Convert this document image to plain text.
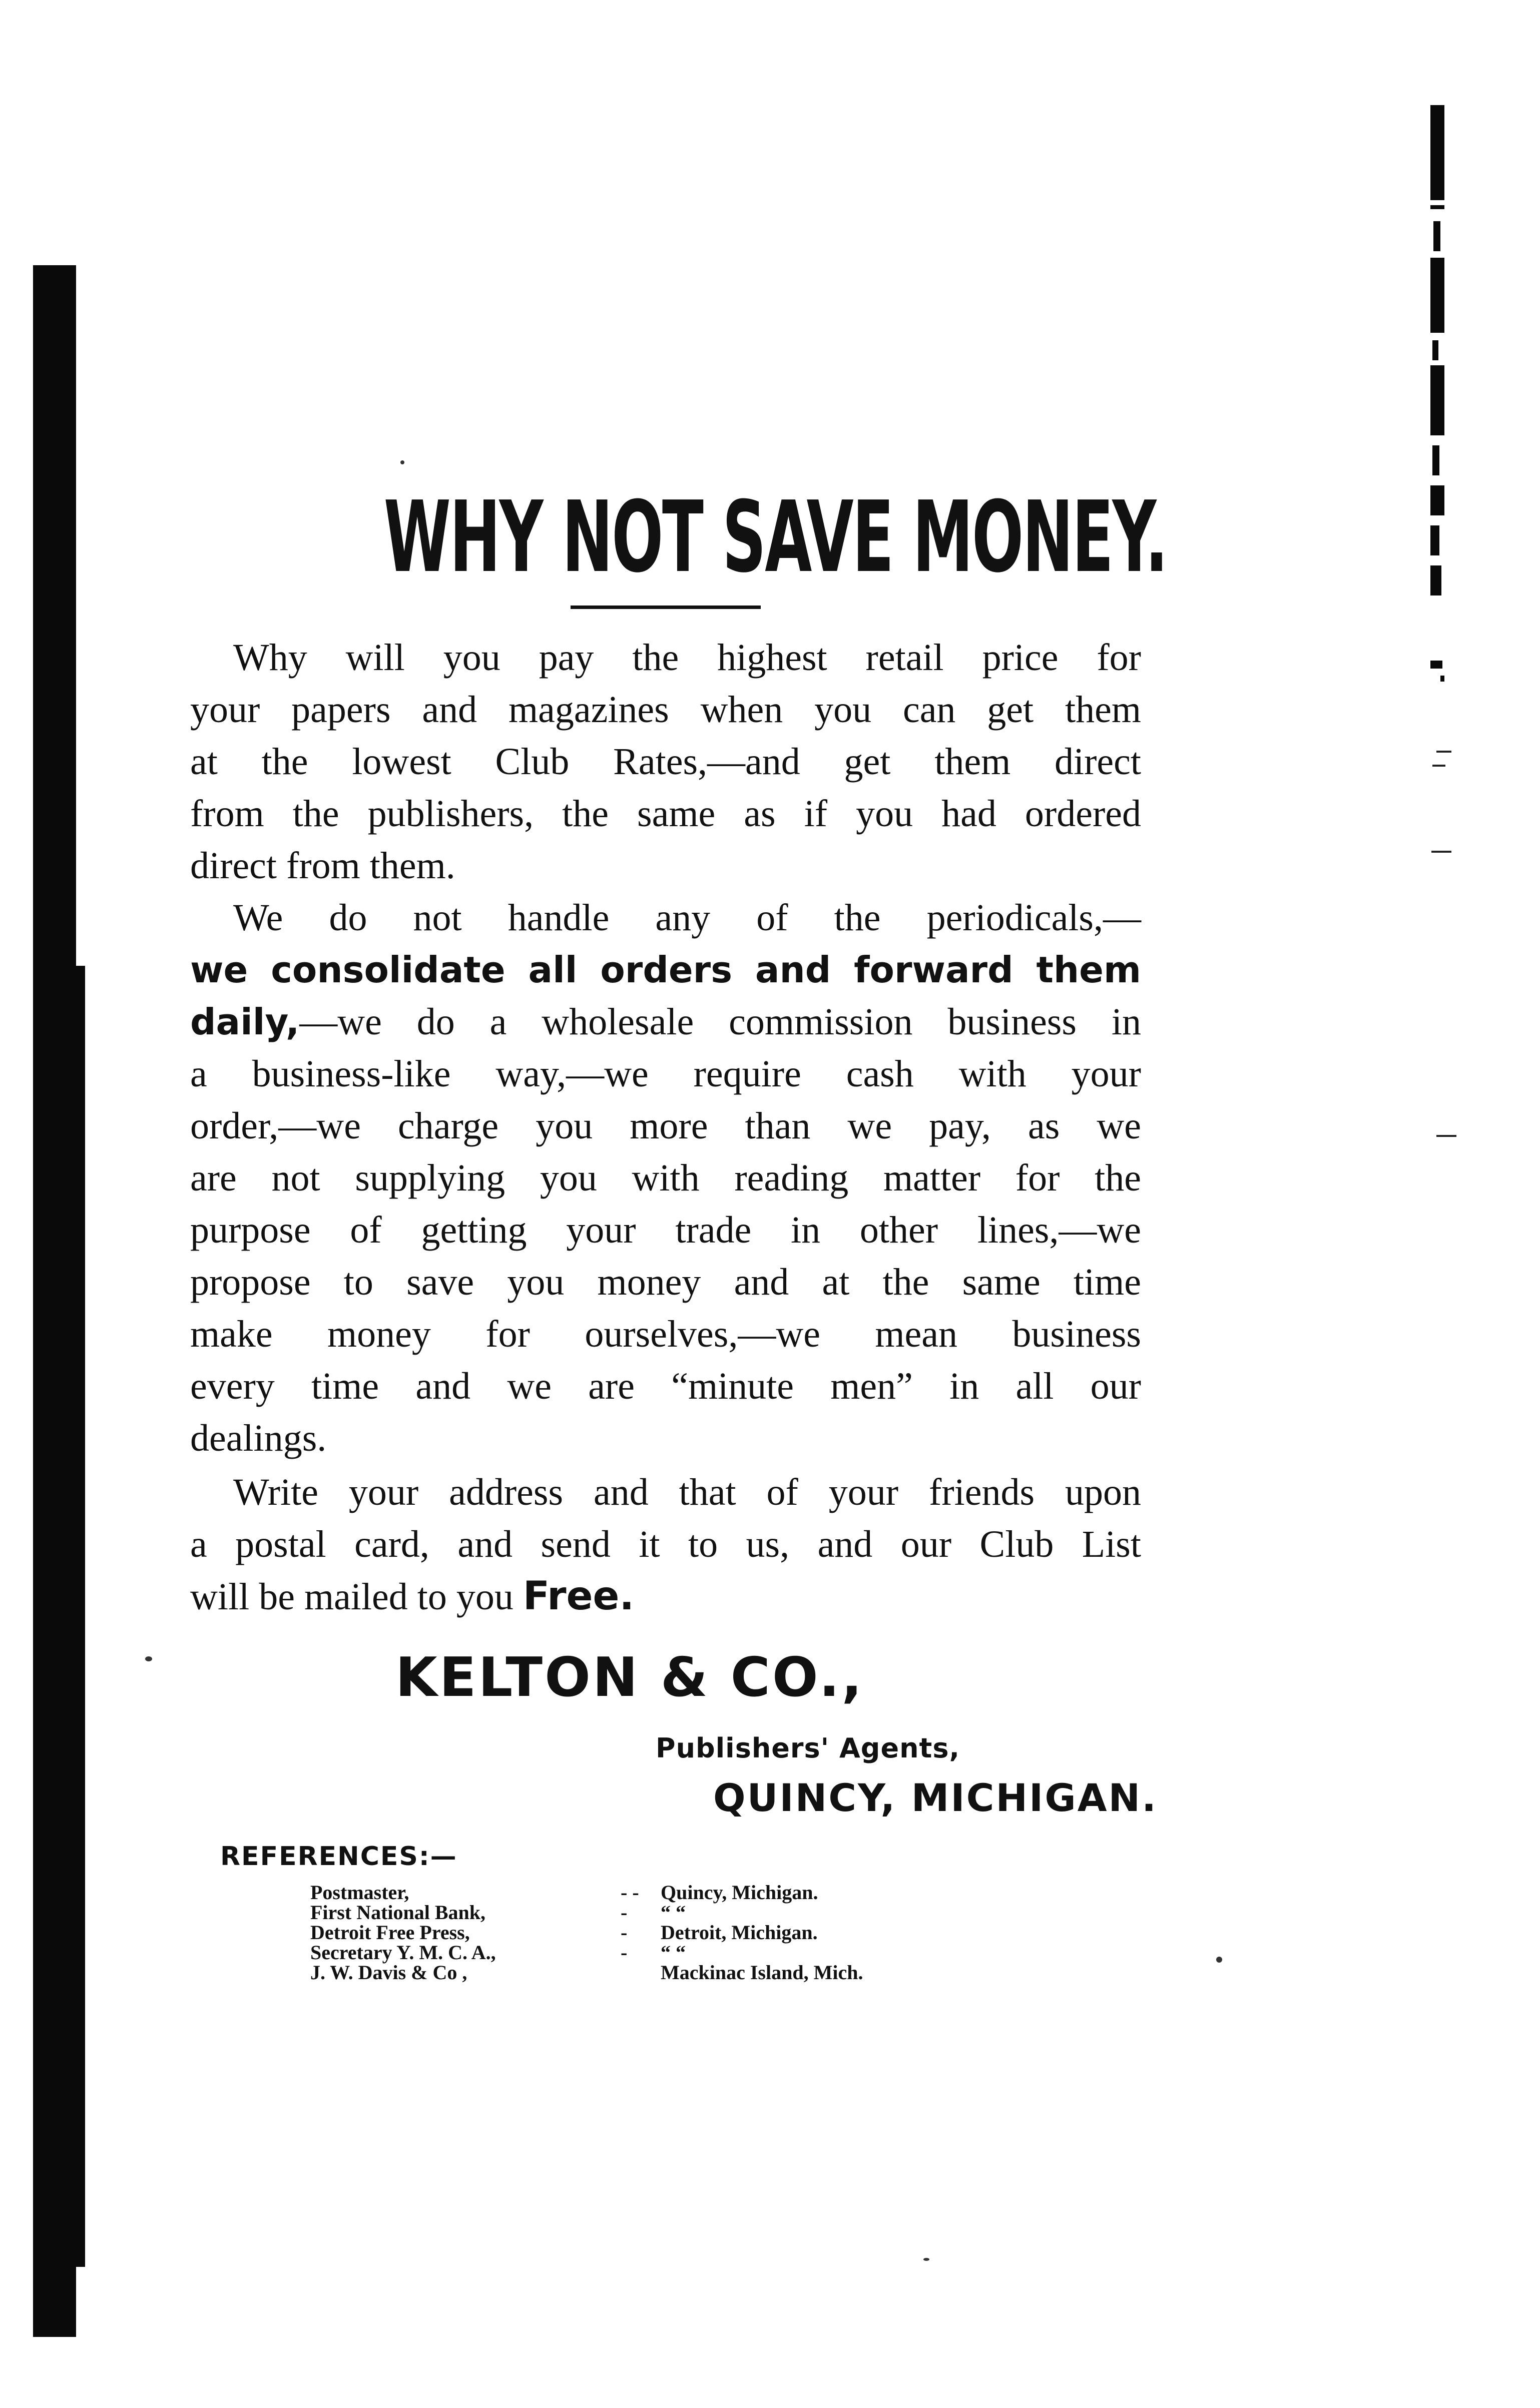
WHY NOT SAVE MONEY.

Why will you pay the highest retail price for
your papers and magazines when you can get them
at the lowest Club Rates,—and get them direct
from the publishers, the same as if you had ordered
direct from them.

We do not handle any of the periodicals,—
we consolidate all orders and forward them
daily,—we do a wholesale commission business in
a business-like way,—we require cash with your
order,—we charge you more than we pay, as we
are not supplying you with reading matter for the
purpose of getting your trade in other lines,—we
propose to save you money and at the same time
make money for ourselves,—we mean business
every time and we are “minute men” in all our
dealings.

Write your address and that of your friends upon
a postal card, and send it to us, and our Club List
will be mailed to you Free.

KELTON & CO.,
Publishers' Agents,
QUINCY, MICHIGAN.
REFERENCES:—
Postmaster,	- - Quincy, Michigan.
First National Bank,	- “ “
Detroit Free Press,	- Detroit, Michigan.
Secretary Y. M. C. A.,	- “ “
J. W. Davis & Co ,	Mackinac Island, Mich.
